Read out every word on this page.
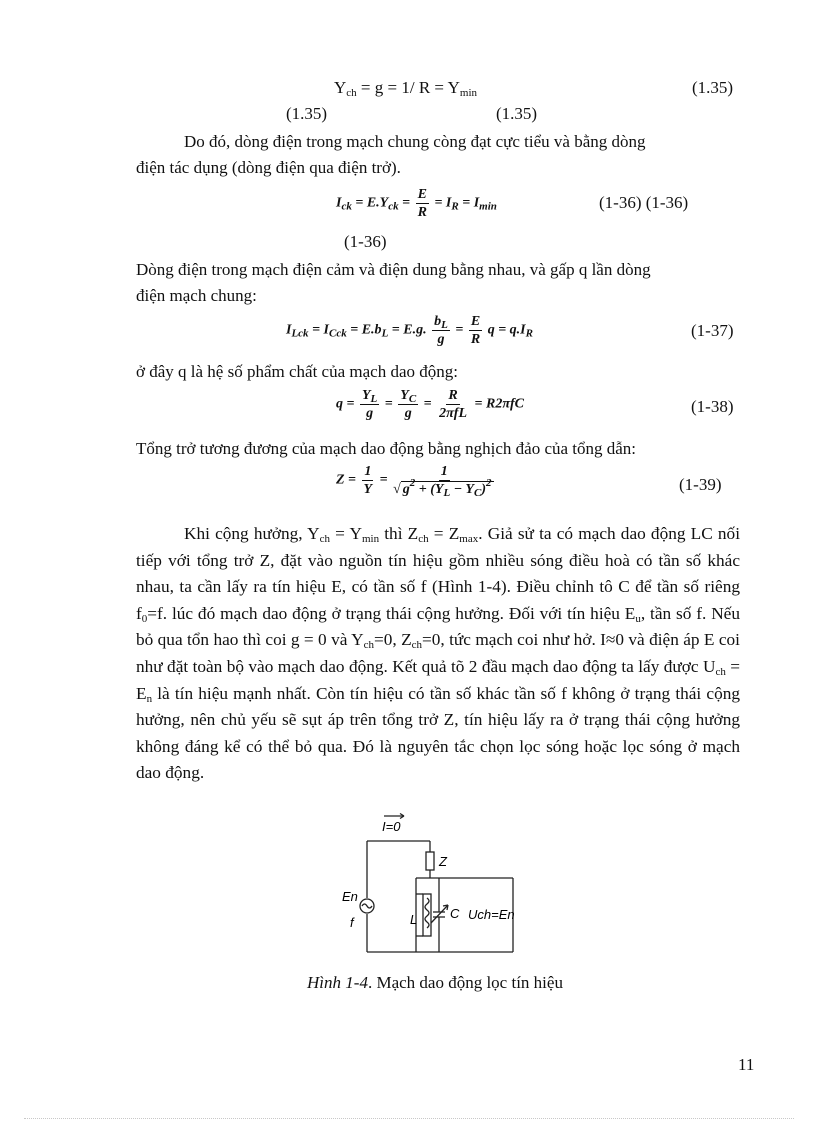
$Y_{ch} = g = 1/$ $R = Y_{min}$	(1.35)
(1.35)	(1.35)
Do đó, dòng điện trong mạch chung còng đạt cực tiểu và bằng dòng
điện tác dụng (dòng điện qua điện trở).
$I_{ck} = E.Y_{ck} = \frac{E}{R} = I_R = I_{min}$	(1-36) (1-36)
(1-36)
Dòng điện trong mạch điện cảm và điện dung bằng nhau, và gấp q lần dòng
điện mạch chung:
$I_{Lck} = I_{Cck} = E.b_L = E.g$. $\frac{b_L}{g} = \frac{E}{R}$ $q = q.I_R$	(1-37)
ở đây q là hệ số phẩm chất của mạch dao động:
$q = \frac{Y_L}{g} = \frac{Y_C}{g} = \frac{R}{\text{2πfL}} = R2\pi fC$	(1-38)
Tổng trở tương đương của mạch dao động bằng nghịch đảo của tổng dẫn:
$Z = \frac{1}{Y} = \frac{1}{√ g^2 + (Y_L - Y_C)^2}$	(1-39)

Khi cộng hưởng, $Y_{ch} = Y_{min}$ thì $Z_{ch} = Z_{max}$. Giả sử ta có mạch dao động LC nối tiếp với tổng trở Z, đặt vào nguồn tín hiệu gồm nhiều sóng điều hoà có tần số khác nhau, ta cần lấy ra tín hiệu E, có tần số f (Hình 1-4). Điều chỉnh tô C để tần số riêng $f_0=f$. lúc đó mạch dao động ở trạng thái cộng hưởng. Đối với tín hiệu $E_u$, tần số f. Nếu bỏ qua tổn hao thì coi g = 0 và $Y_{ch}=0$, $Z_{ch}=0$, tức mạch coi như hở. I≈0 và điện áp E coi như đặt toàn bộ vào mạch dao động. Kết quả tõ 2 đầu mạch dao động ta lấy được $U_{ch} = E_n$ là tín hiệu mạnh nhất. Còn tín hiệu có tần số khác tần số f không ở trạng thái cộng hưởng, nên chủ yếu sẽ sụt áp trên tổng trở Z, tín hiệu lấy ra ở trạng thái cộng hưởng không đáng kể có thể bỏ qua. Đó là nguyên tắc chọn lọc sóng hoặc lọc sóng ở mạch dao động.

I=0
Z
En
f	L	C Uch=En
Hình 1-4. Mạch dao động lọc tín hiệu
11
